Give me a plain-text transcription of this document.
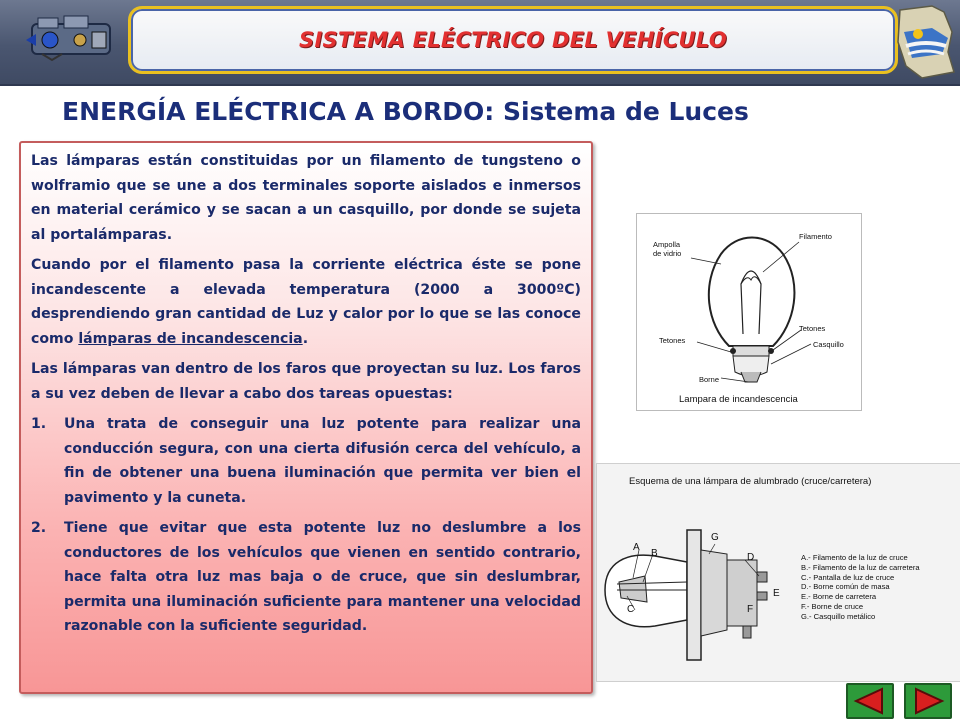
SISTEMA ELÉCTRICO DEL VEHÍCULO
ENERGÍA ELÉCTRICA A BORDO: Sistema de Luces

Las lámparas están constituidas por un filamento de tungsteno o wolframio que se une a dos terminales soporte aislados e inmersos en material cerámico y se sacan a un casquillo, por donde se sujeta al portalámparas.

Cuando por el filamento pasa la corriente eléctrica éste se pone incandescente a elevada temperatura (2000 a 3000ºC) desprendiendo gran cantidad de Luz y calor por lo que se las conoce como lámparas de incandescencia.

Las lámparas van dentro de los faros que proyectan su luz. Los faros a su vez deben de llevar a cabo dos tareas opuestas:

1. Una trata de conseguir una luz potente para realizar una conducción segura, con una cierta difusión cerca del vehículo, a fin de obtener una buena iluminación que permita ver bien el pavimento y la cuneta.
2. Tiene que evitar que esta potente luz no deslumbre a los conductores de los vehículos que vienen en sentido contrario, hace falta otra luz mas baja o de cruce, que sin deslumbrar, permita una iluminación suficiente para mantener una velocidad razonable con la suficiente seguridad.
Ampolla
de vidrio
Filamento
Tetones
Tetones
Casquillo
Borne
Lampara de incandescencia
Esquema de una lámpara de alumbrado (cruce/carretera)
A
B
C
D
E
F
G
A.- Filamento de la luz de cruce
B.- Filamento de la luz de carretera
C.- Pantalla de luz de cruce
D.- Borne común de masa
E.- Borne de carretera
F.- Borne de cruce
G.- Casquillo metálico
